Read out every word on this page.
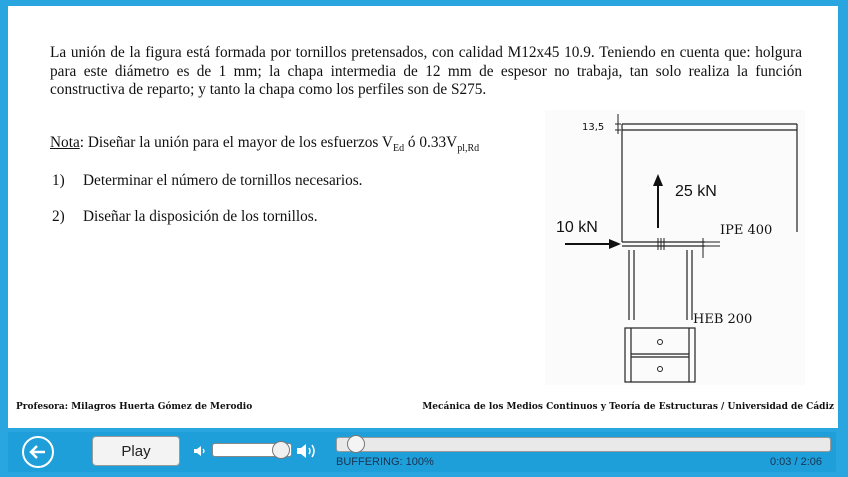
La unión de la figura está formada por tornillos pretensados, con calidad M12x45 10.9. Teniendo en cuenta que: holgura para este diámetro es de 1 mm; la chapa intermedia de 12 mm de espesor no trabaja, tan solo realiza la función constructiva de reparto; y tanto la chapa como los perfiles son de S275.

Nota: Diseñar la unión para el mayor de los esfuerzos $V_{Ed}$ ó $0.33V_{pl,Rd}$
1) Determinar el número de tornillos necesarios.
2) Diseñar la disposición de los tornillos.
13,5
25 kN
10 kN	IPE 400
HEB 200
Profesora: Milagros Huerta Gómez de Merodio	Mecánica de los Medios Continuos y Teoría de Estructuras / Universidad de Cádiz
Play
BUFFERING: 100%	0:03 / 2:06
